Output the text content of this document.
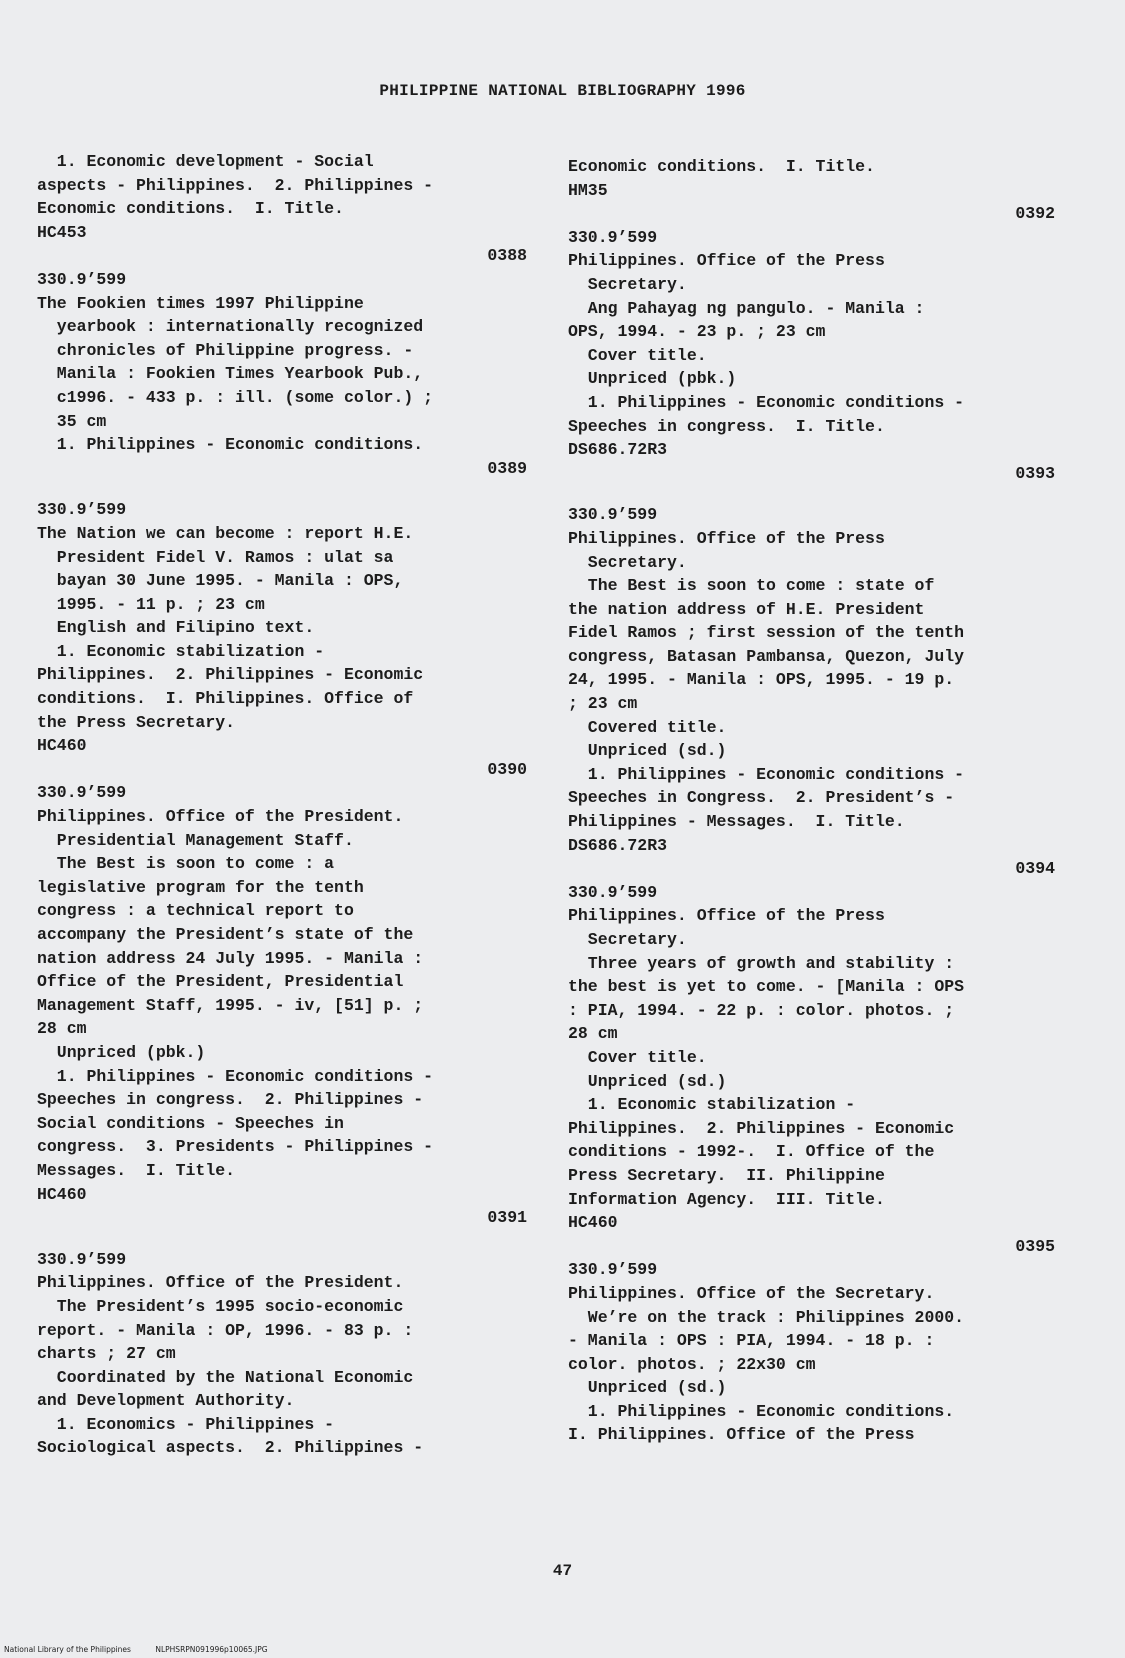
PHILIPPINE NATIONAL BIBLIOGRAPHY 1996
1. Economic development - Social
aspects - Philippines.  2. Philippines -
Economic conditions.  I. Title.
HC453
0388
330.9’599
The Fookien times 1997 Philippine
yearbook : internationally recognized
chronicles of Philippine progress. -
Manila : Fookien Times Yearbook Pub.,
c1996. - 433 p. : ill. (some color.) ;
35 cm
1. Philippines - Economic conditions.
0389
330.9’599
The Nation we can become : report H.E.
President Fidel V. Ramos : ulat sa
bayan 30 June 1995. - Manila : OPS,
1995. - 11 p. ; 23 cm
English and Filipino text.
1. Economic stabilization -
Philippines.  2. Philippines - Economic
conditions.  I. Philippines. Office of
the Press Secretary.
HC460
0390
330.9’599
Philippines. Office of the President.
Presidential Management Staff.
The Best is soon to come : a
legislative program for the tenth
congress : a technical report to
accompany the President’s state of the
nation address 24 July 1995. - Manila :
Office of the President, Presidential
Management Staff, 1995. - iv, [51] p. ;
28 cm
Unpriced (pbk.)
1. Philippines - Economic conditions -
Speeches in congress.  2. Philippines -
Social conditions - Speeches in
congress.  3. Presidents - Philippines -
Messages.  I. Title.
HC460
0391
330.9’599
Philippines. Office of the President.
The President’s 1995 socio-economic
report. - Manila : OP, 1996. - 83 p. :
charts ; 27 cm
Coordinated by the National Economic
and Development Authority.
1. Economics - Philippines -
Sociological aspects.  2. Philippines -
Economic conditions.  I. Title.
HM35
0392
330.9’599
Philippines. Office of the Press
Secretary.
Ang Pahayag ng pangulo. - Manila :
OPS, 1994. - 23 p. ; 23 cm
Cover title.
Unpriced (pbk.)
1. Philippines - Economic conditions -
Speeches in congress.  I. Title.
DS686.72R3
0393
330.9’599
Philippines. Office of the Press
Secretary.
The Best is soon to come : state of
the nation address of H.E. President
Fidel Ramos ; first session of the tenth
congress, Batasan Pambansa, Quezon, July
24, 1995. - Manila : OPS, 1995. - 19 p.
; 23 cm
Covered title.
Unpriced (sd.)
1. Philippines - Economic conditions -
Speeches in Congress.  2. President’s -
Philippines - Messages.  I. Title.
DS686.72R3
0394
330.9’599
Philippines. Office of the Press
Secretary.
Three years of growth and stability :
the best is yet to come. - [Manila : OPS
: PIA, 1994. - 22 p. : color. photos. ;
28 cm
Cover title.
Unpriced (sd.)
1. Economic stabilization -
Philippines.  2. Philippines - Economic
conditions - 1992-.  I. Office of the
Press Secretary.  II. Philippine
Information Agency.  III. Title.
HC460
0395
330.9’599
Philippines. Office of the Secretary.
We’re on the track : Philippines 2000.
- Manila : OPS : PIA, 1994. - 18 p. :
color. photos. ; 22x30 cm
Unpriced (sd.)
1. Philippines - Economic conditions.
I. Philippines. Office of the Press
47
National Library of the Philippines	NLPHSRPN091996p10065.JPG
